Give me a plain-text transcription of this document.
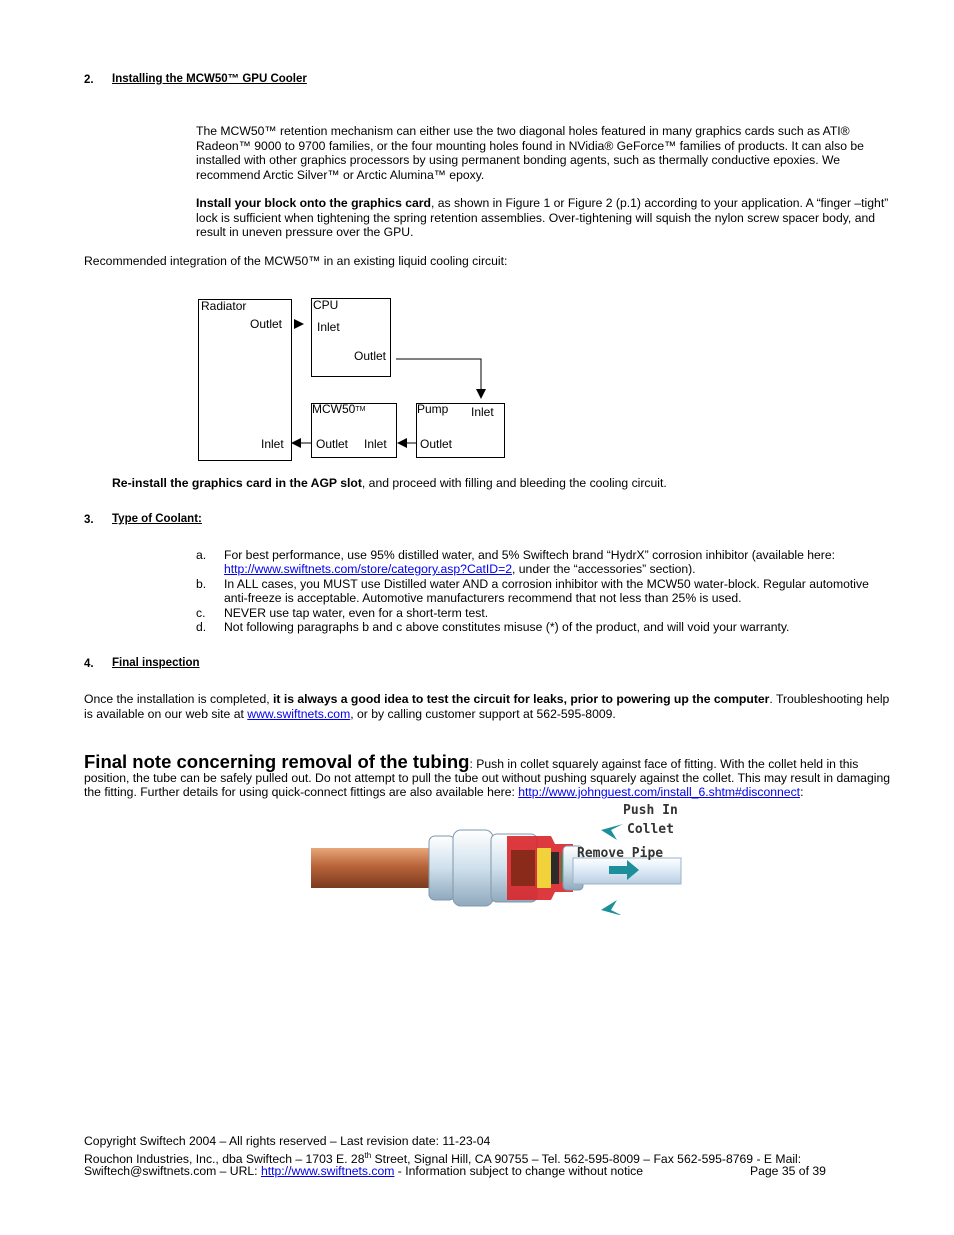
2. Installing the MCW50™ GPU Cooler
The MCW50™ retention mechanism can either use the two diagonal holes featured in many graphics cards such as ATI®
Radeon™ 9000 to 9700 families, or the four mounting holes found in NVidia® GeForce™ families of products. It can also be
installed with other graphics processors by using permanent bonding agents, such as thermally conductive epoxies. We
recommend Arctic Silver™ or Arctic Alumina™ epoxy.
Install your block onto the graphics card, as shown in Figure 1 or Figure 2 (p.1) according to your application. A “finger –tight”
lock is sufficient when tightening the spring retention assemblies. Over-tightening will squish the nylon screw spacer body, and
result in uneven pressure over the GPU.
Recommended integration of the MCW50™ in an existing liquid cooling circuit:
Radiator
Outlet
Inlet
CPU
Inlet
Outlet
MCW50TM
Outlet Inlet
Pump Inlet
Outlet
Re-install the graphics card in the AGP slot, and proceed with filling and bleeding the cooling circuit.
3. Type of Coolant:
a. For best performance, use 95% distilled water, and 5% Swiftech brand “HydrX” corrosion inhibitor (available here:
http://www.swiftnets.com/store/category.asp?CatID=2, under the “accessories” section).
b. In ALL cases, you MUST use Distilled water AND a corrosion inhibitor with the MCW50 water-block. Regular automotive
anti-freeze is acceptable. Automotive manufacturers recommend that not less than 25% is used.
c. NEVER use tap water, even for a short-term test.
d. Not following paragraphs b and c above constitutes misuse (*) of the product, and will void your warranty.
4. Final inspection
Once the installation is completed, it is always a good idea to test the circuit for leaks, prior to powering up the computer. Troubleshooting help
is available on our web site at www.swiftnets.com, or by calling customer support at 562-595-8009.
Final note concerning removal of the tubing: Push in collet squarely against face of fitting. With the collet held in this
position, the tube can be safely pulled out. Do not attempt to pull the tube out without pushing squarely against the collet. This may result in damaging
the fitting. Further details for using quick-connect fittings are also available here: http://www.johnguest.com/install_6.shtm#disconnect:
Push In
Collet
Remove Pipe
Copyright Swiftech 2004 – All rights reserved – Last revision date: 11-23-04
Rouchon Industries, Inc., dba Swiftech – 1703 E. 28th Street, Signal Hill, CA 90755 – Tel. 562-595-8009 – Fax 562-595-8769 - E Mail:
Swiftech@swiftnets.com – URL: http://www.swiftnets.com - Information subject to change without notice	Page 35 of 39
